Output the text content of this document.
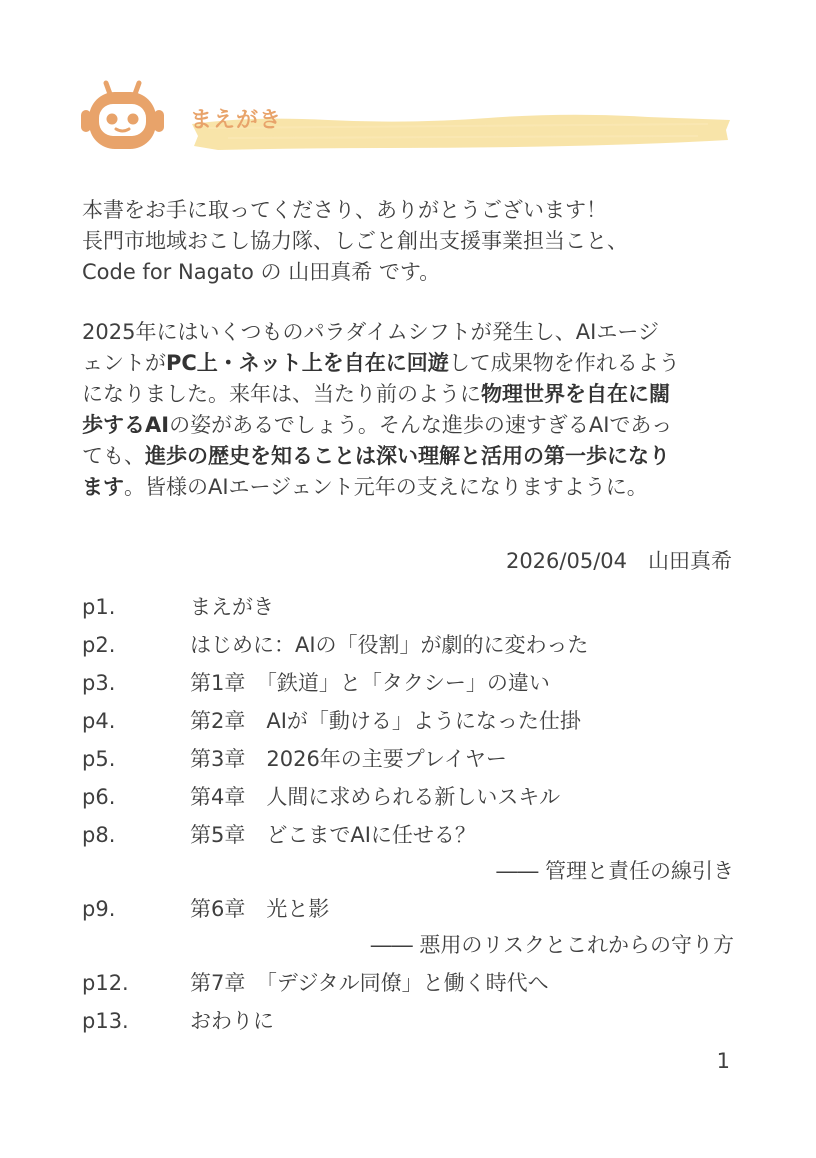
まえがき
本書をお手に取ってくださり、ありがとうございます！
長門市地域おこし協力隊、しごと創出支援事業担当こと、
Code for Nagato の 山田真希 です。
2025年にはいくつものパラダイムシフトが発生し、AIエージ
ェントがPC上・ネット上を自在に回遊して成果物を作れるよう
になりました。来年は、当たり前のように物理世界を自在に闊
歩するAIの姿があるでしょう。そんな進歩の速すぎるAIであっ
ても、進歩の歴史を知ることは深い理解と活用の第一歩になり
ます。皆様のAIエージェント元年の支えになりますように。
2026/05/04　山田真希
p1.	まえがき
p2.	はじめに：AIの「役割」が劇的に変わった
p3.	第1章　「鉄道」と「タクシー」の違い
p4.	第2章　AIが「動ける」ようになった仕掛
p5.	第3章　2026年の主要プレイヤー
p6.	第4章　人間に求められる新しいスキル
p8.	第5章　どこまでAIに任せる？
―― 管理と責任の線引き
p9.	第6章　光と影
―― 悪用のリスクとこれからの守り方
p12.	第7章　「デジタル同僚」と働く時代へ
p13.	おわりに
1
